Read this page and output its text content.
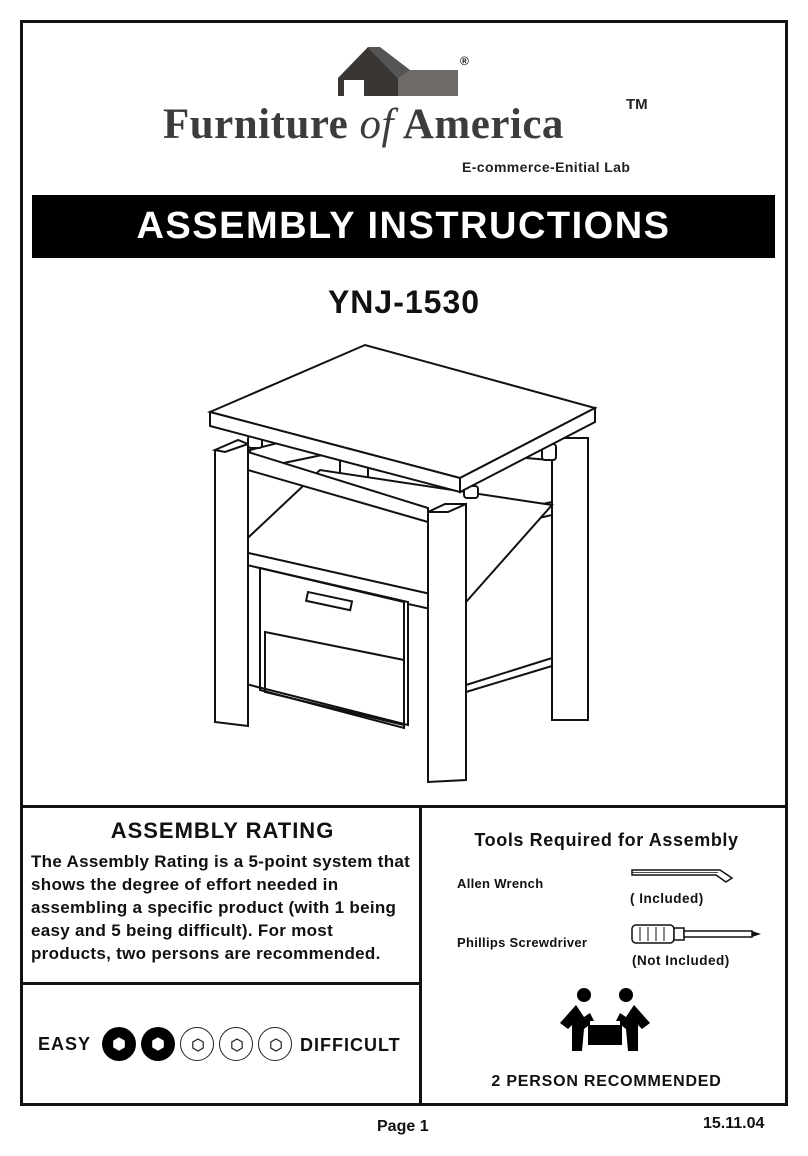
TM
®
Furniture of America
E-commerce-Enitial Lab
ASSEMBLY INSTRUCTIONS
YNJ-1530
ASSEMBLY RATING
The Assembly Rating is a 5-point system that shows the degree of effort needed in assembling a specific product (with 1 being easy and 5 being difficult). For most products, two persons are recommended.
EASY	DIFFICULT
Tools Required for Assembly
Allen Wrench
( Included)
Phillips Screwdriver
(Not Included)
2 PERSON RECOMMENDED
Page 1	15.11.04
